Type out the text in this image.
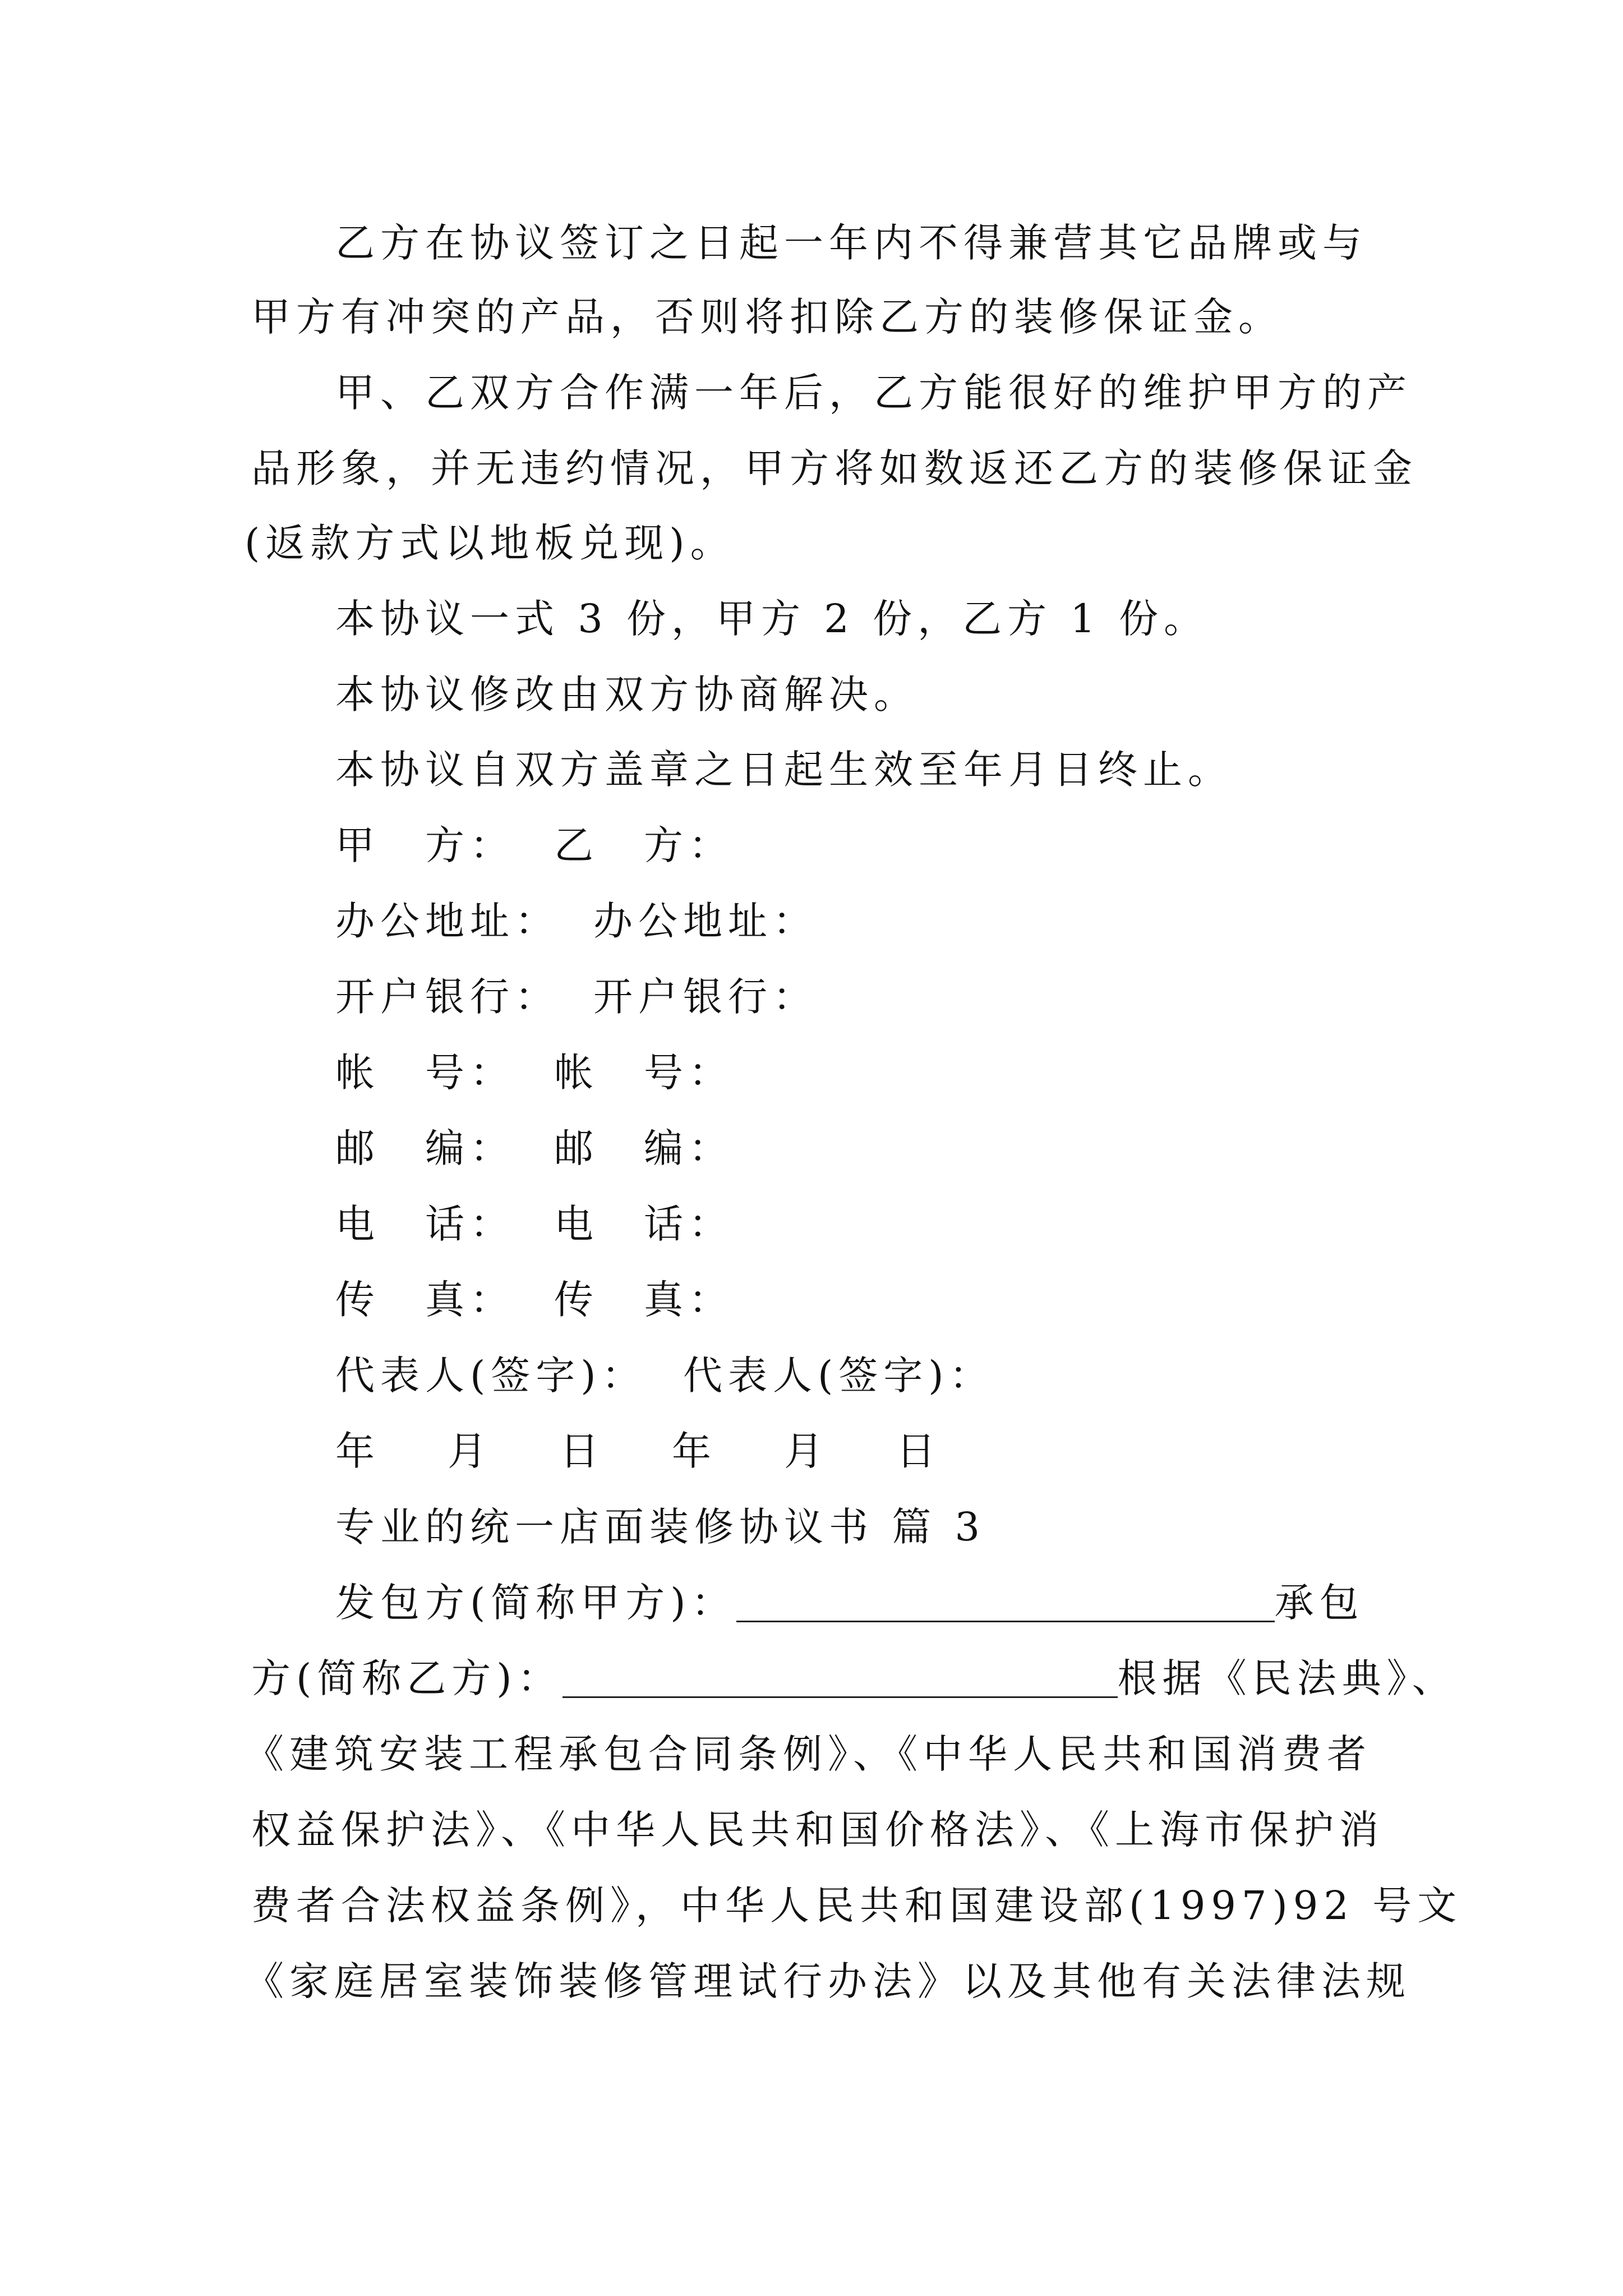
乙方在协议签订之日起一年内不得兼营其它品牌或与

甲方有冲突的产品，否则将扣除乙方的装修保证金。

甲、乙双方合作满一年后，乙方能很好的维护甲方的产

品形象，并无违约情况，甲方将如数返还乙方的装修保证金

(返款方式以地板兑现)。

本协议一式 3 份，甲方 2 份，乙方 1 份。

本协议修改由双方协商解决。

本协议自双方盖章之日起生效至年月日终止。

甲　方： 乙　方：
办公地址： 办公地址：
开户银行： 开户银行：
帐　号： 帐　号：
邮　编： 邮　编：
电　话： 电　话：
传　真： 传　真：
代表人(签字)： 代表人(签字)：

年　月　日　年　月　日

专业的统一店面装修协议书 篇 3

发包方(简称甲方)：	承包
方(简称乙方)：	根据《民法典》、

《建筑安装工程承包合同条例》、《中华人民共和国消费者

权益保护法》、《中华人民共和国价格法》、《上海市保护消

费者合法权益条例》，中华人民共和国建设部(1997)92 号文

《家庭居室装饰装修管理试行办法》以及其他有关法律法规
